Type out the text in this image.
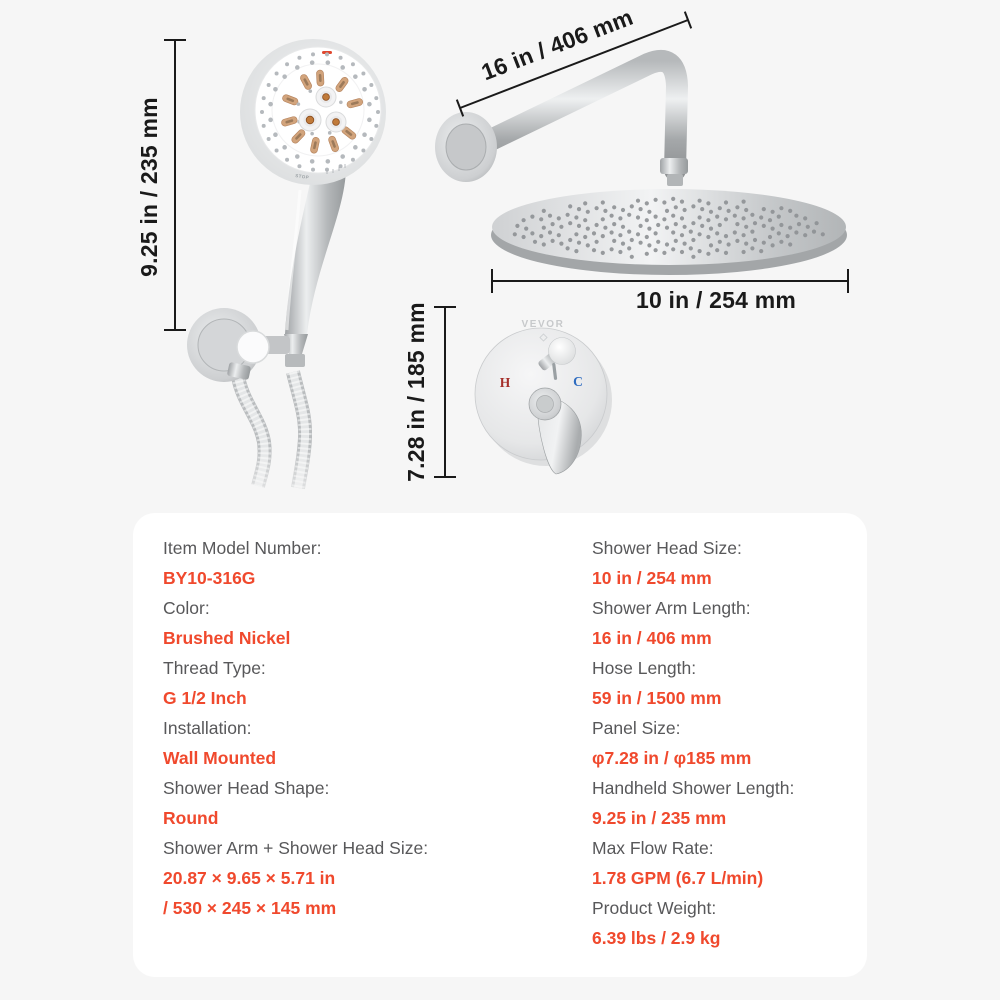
STOP
9.25 in / 235 mm
16 in / 406 mm
10 in / 254 mm
VEVOR
H	C
7.28 in / 185 mm
Item Model Number:
BY10-316G
Color:
Brushed Nickel
Thread Type:
G 1/2 Inch
Installation:
Wall Mounted
Shower Head Shape:
Round
Shower Arm + Shower Head Size:
20.87 × 9.65 × 5.71 in
/ 530 × 245 × 145 mm
Shower Head Size:
10 in / 254 mm
Shower Arm Length:
16 in / 406 mm
Hose Length:
59 in / 1500 mm
Panel Size:
φ7.28 in / φ185 mm
Handheld Shower Length:
9.25 in / 235 mm
Max Flow Rate:
1.78 GPM (6.7 L/min)
Product Weight:
6.39 lbs / 2.9 kg
